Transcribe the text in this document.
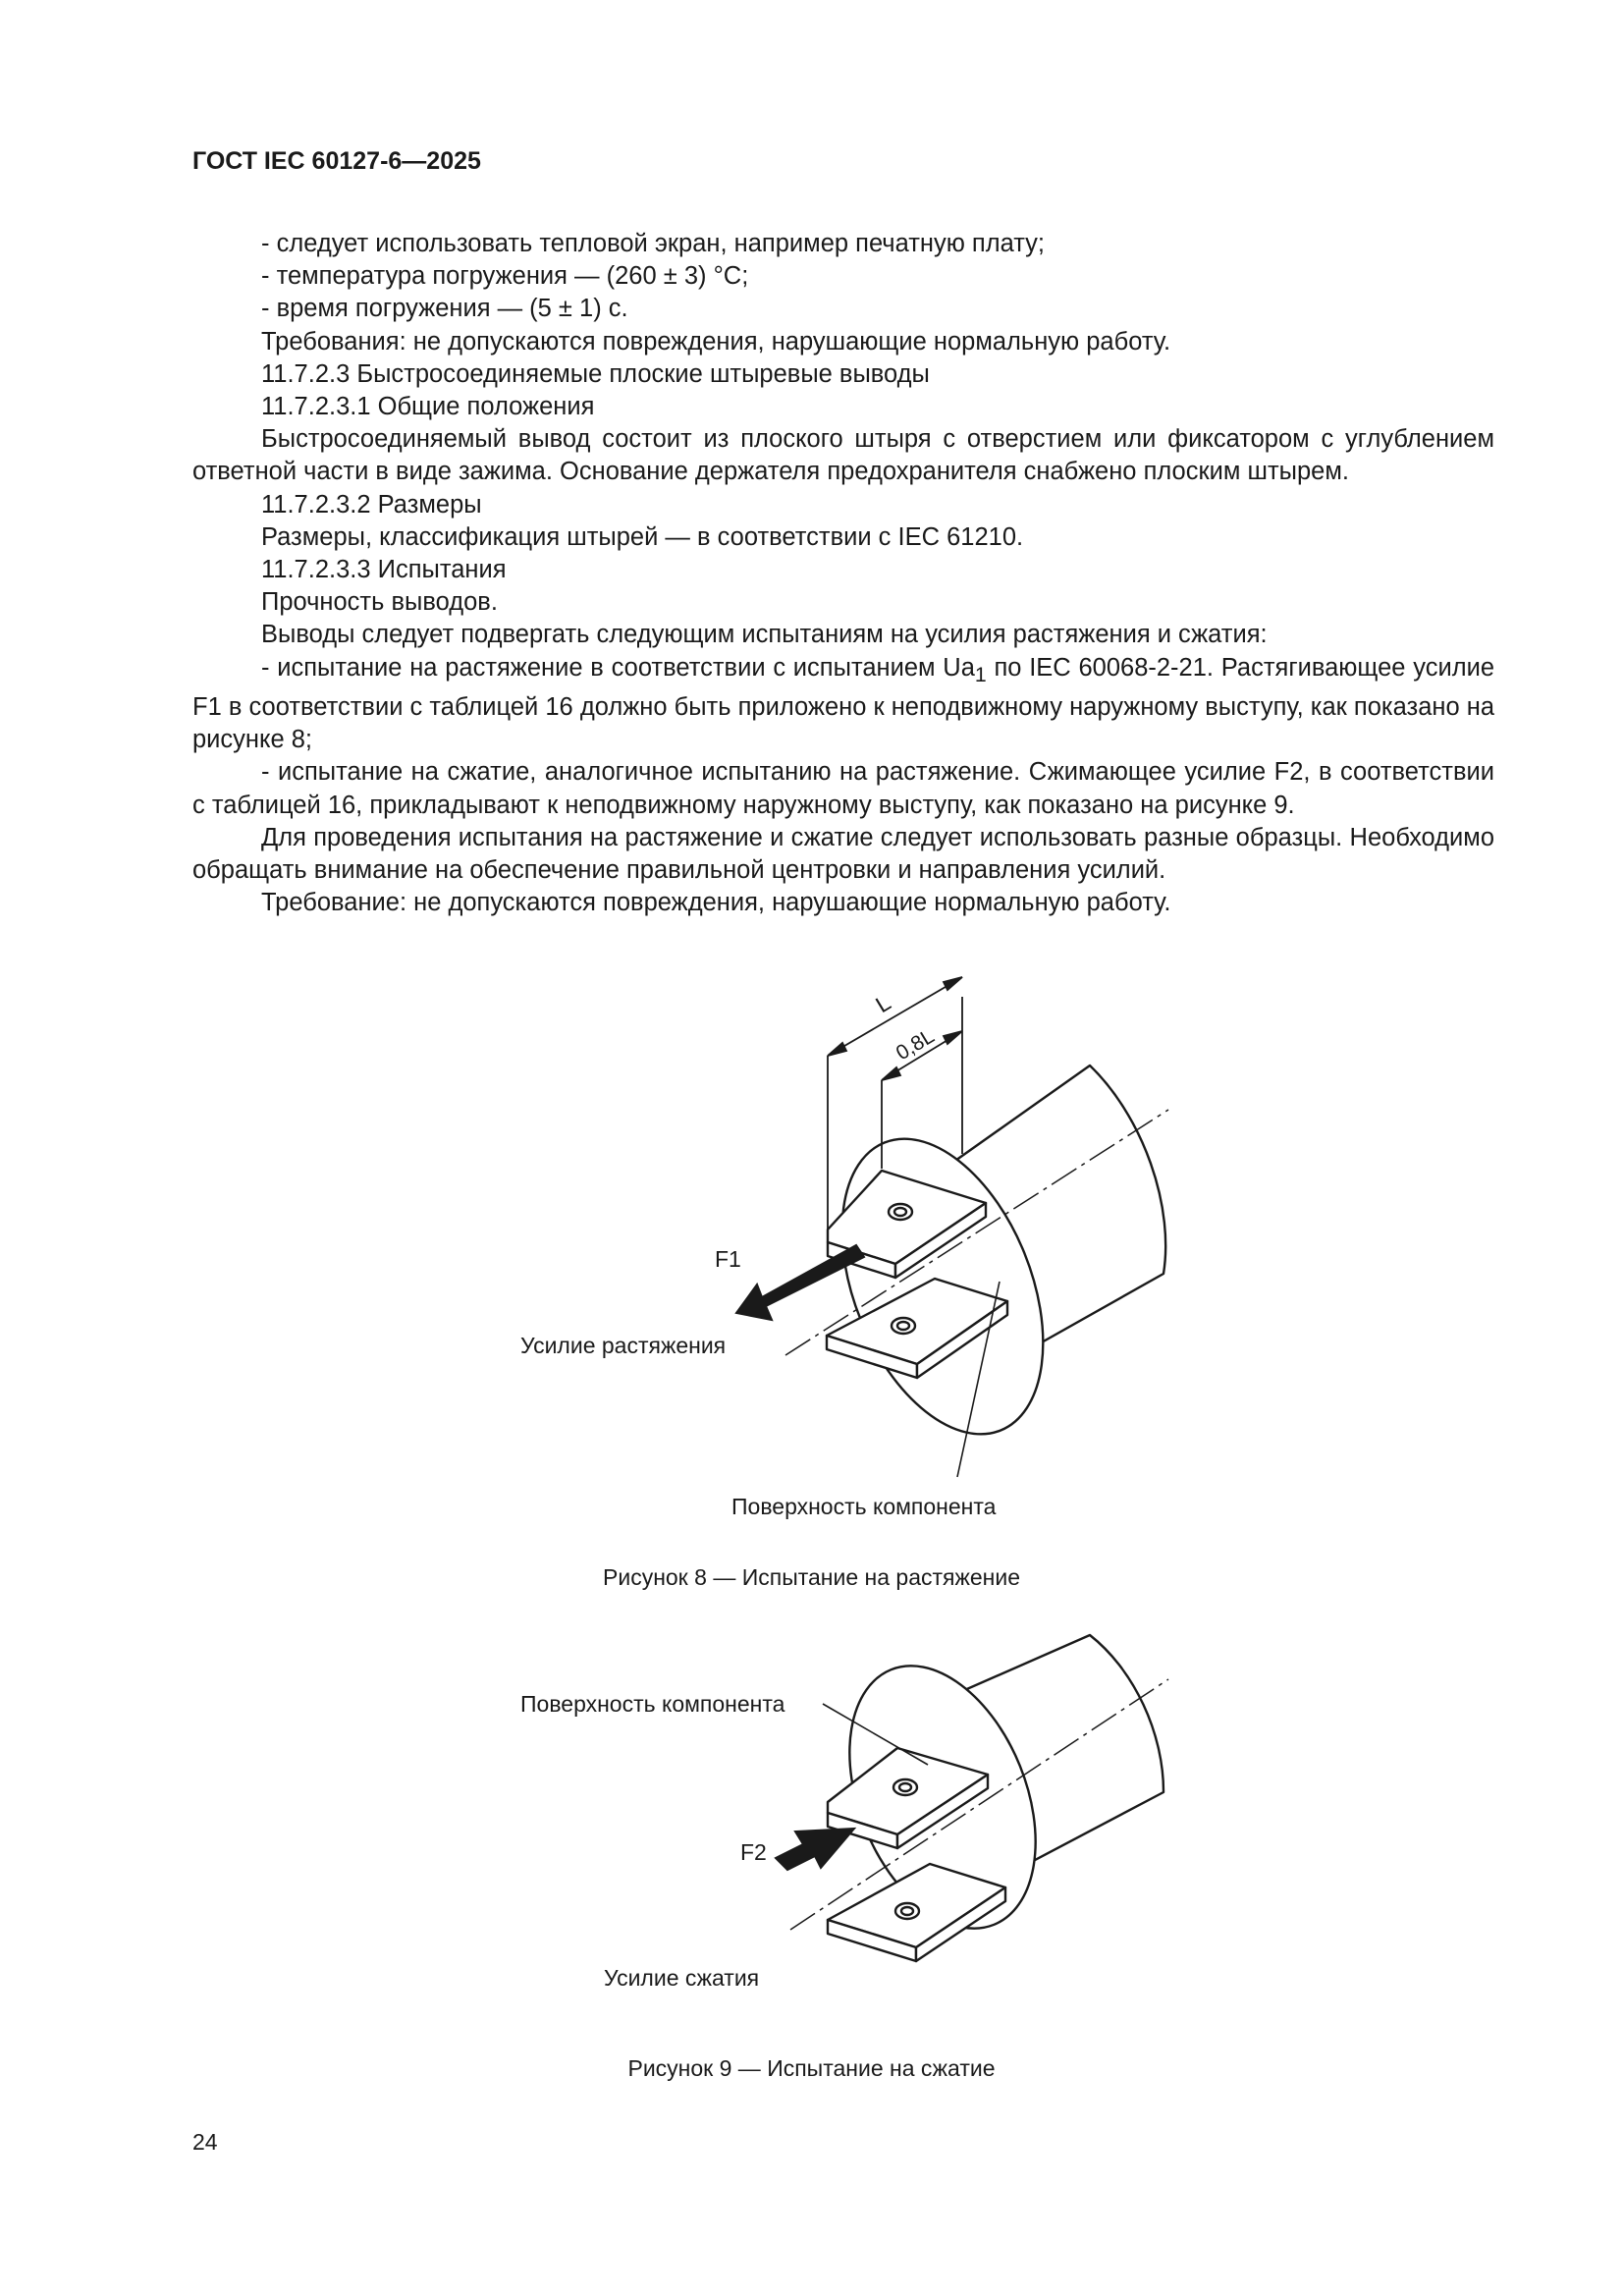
ГОСТ IEC 60127-6—2025

- следует использовать тепловой экран, например печатную плату;

- температура погружения — (260 ± 3) °С;

- время погружения — (5 ± 1) с.

Требования: не допускаются повреждения, нарушающие нормальную работу.

11.7.2.3 Быстросоединяемые плоские штыревые выводы

11.7.2.3.1 Общие положения

Быстросоединяемый вывод состоит из плоского штыря с отверстием или фиксатором с углублением ответной части в виде зажима. Основание держателя предохранителя снабжено плоским штырем.

11.7.2.3.2 Размеры

Размеры, классификация штырей — в соответствии с IEC 61210.

11.7.2.3.3 Испытания

Прочность выводов.

Выводы следует подвергать следующим испытаниям на усилия растяжения и сжатия:

- испытание на растяжение в соответствии с испытанием $Ua_1$ по IEC 60068-2-21. Растягивающее усилие F1 в соответствии с таблицей 16 должно быть приложено к неподвижному наружному выступу, как показано на рисунке 8;

- испытание на сжатие, аналогичное испытанию на растяжение. Сжимающее усилие F2, в соответствии с таблицей 16, прикладывают к неподвижному наружному выступу, как показано на рисунке 9.

Для проведения испытания на растяжение и сжатие следует использовать разные образцы. Необходимо обращать внимание на обеспечение правильной центровки и направления усилий.

Требование: не допускаются повреждения, нарушающие нормальную работу.

L
0,8L
F1
Усилие растяжения
Поверхность компонента
Рисунок 8 — Испытание на растяжение
Поверхность компонента
F2
Усилие сжатия
Рисунок 9 — Испытание на сжатие
24
